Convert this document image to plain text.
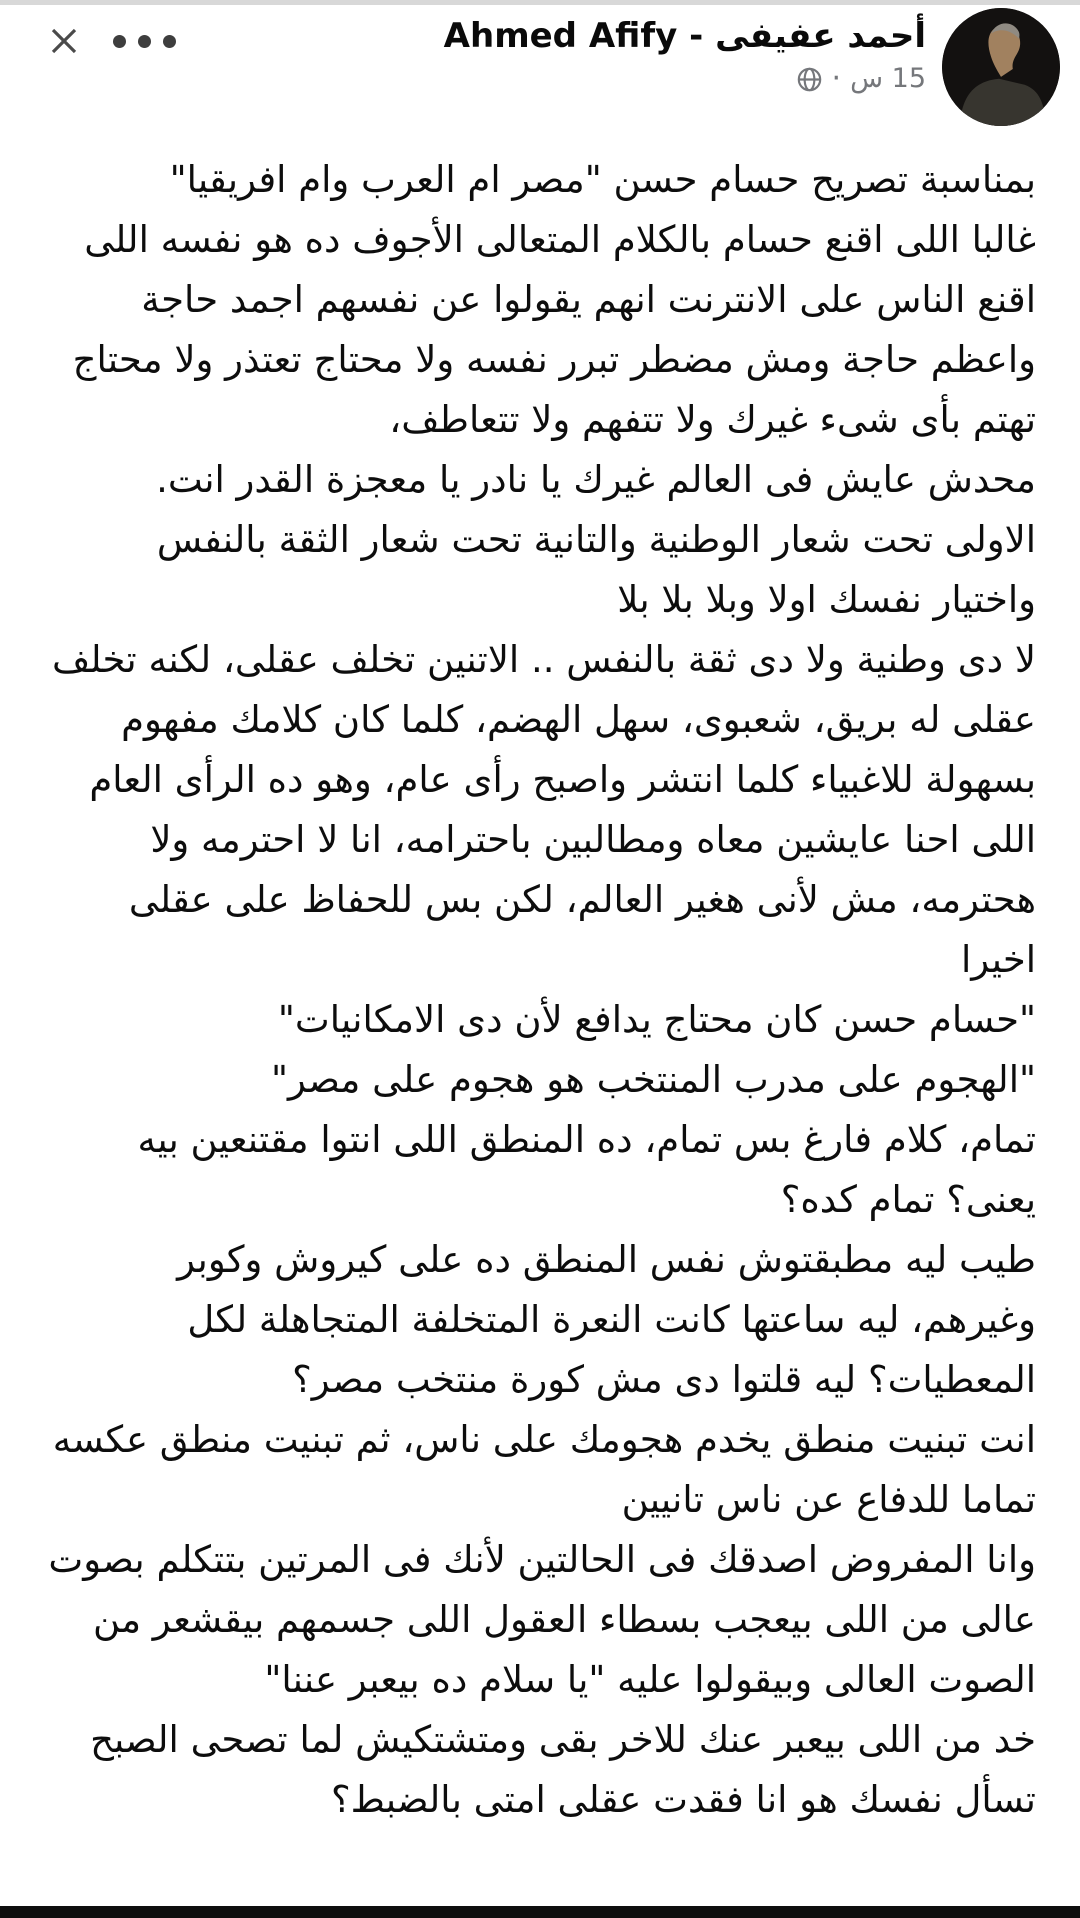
أحمد عفيفى - Ahmed Afify
15 س
·
بمناسبة تصريح حسام حسن "مصر ام العرب وام افريقيا"
غالبا اللى اقنع حسام بالكلام المتعالى الأجوف ده هو نفسه اللى اقنع الناس على الانترنت انهم يقولوا عن نفسهم اجمد حاجة واعظم حاجة ومش مضطر تبرر نفسه ولا محتاج تعتذر ولا محتاج تهتم بأى شىء غيرك ولا تتفهم ولا تتعاطف،
محدش عايش فى العالم غيرك يا نادر يا معجزة القدر انت.
الاولى تحت شعار الوطنية والتانية تحت شعار الثقة بالنفس واختيار نفسك اولا وبلا بلا بلا
لا دى وطنية ولا دى ثقة بالنفس .. الاتنين تخلف عقلى، لكنه تخلف عقلى له بريق، شعبوى، سهل الهضم، كلما كان كلامك مفهوم بسهولة للاغبياء كلما انتشر واصبح رأى عام، وهو ده الرأى العام اللى احنا عايشين معاه ومطالبين باحترامه، انا لا احترمه ولا هحترمه، مش لأنى هغير العالم، لكن بس للحفاظ على عقلى
اخيرا
"حسام حسن كان محتاج يدافع لأن دى الامكانيات"
"الهجوم على مدرب المنتخب هو هجوم على مصر"
تمام، كلام فارغ بس تمام، ده المنطق اللى انتوا مقتنعين بيه يعنى؟ تمام كده؟
طيب ليه مطبقتوش نفس المنطق ده على كيروش وكوبر وغيرهم، ليه ساعتها كانت النعرة المتخلفة المتجاهلة لكل المعطيات؟ ليه قلتوا دى مش كورة منتخب مصر؟
انت تبنيت منطق يخدم هجومك على ناس، ثم تبنيت منطق عكسه تماما للدفاع عن ناس تانيين
وانا المفروض اصدقك فى الحالتين لأنك فى المرتين بتتكلم بصوت عالى من اللى بيعجب بسطاء العقول اللى جسمهم بيقشعر من الصوت العالى وبيقولوا عليه "يا سلام ده بيعبر عننا"
خد من اللى بيعبر عنك للاخر بقى ومتشتكيش لما تصحى الصبح تسأل نفسك هو انا فقدت عقلى امتى بالضبط؟
